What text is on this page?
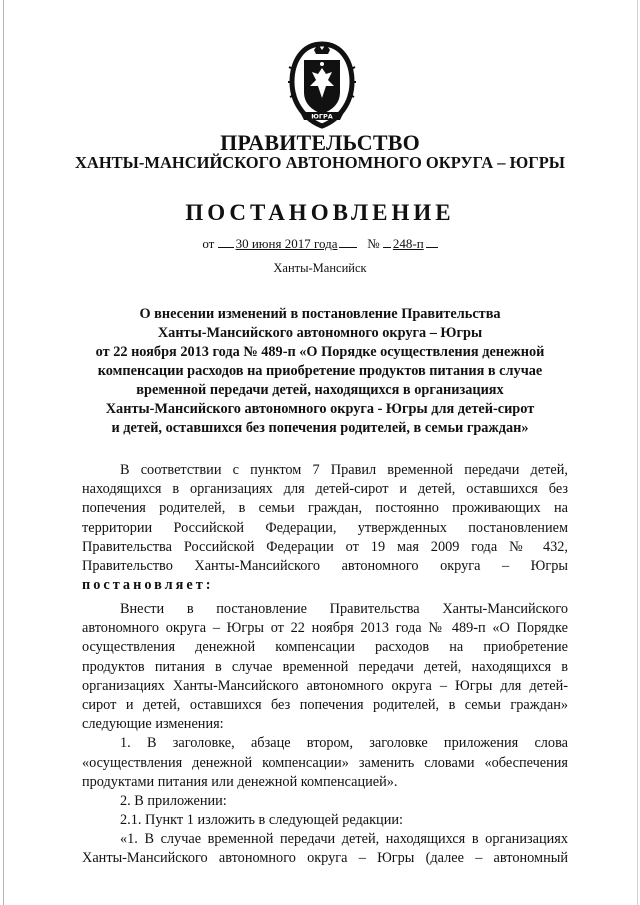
ЮГРА
ПРАВИТЕЛЬСТВО
ХАНТЫ-МАНСИЙСКОГО АВТОНОМНОГО ОКРУГА – ЮГРЫ
ПОСТАНОВЛЕНИЕ
от 30 июня 2017 года № 248-п
Ханты-Мансийск
О внесении изменений в постановление Правительства
Ханты-Мансийского автономного округа – Югры
от 22 ноября 2013 года № 489-п «О Порядке осуществления денежной
компенсации расходов на приобретение продуктов питания в случае
временной передачи детей, находящихся в организациях
Ханты-Мансийского автономного округа - Югры для детей-сирот
и детей, оставшихся без попечения родителей, в семьи граждан»
В соответствии с пунктом 7 Правил временной передачи детей,
находящихся в организациях для детей-сирот и детей, оставшихся без
попечения родителей, в семьи граждан, постоянно проживающих на
территории Российской Федерации, утвержденных постановлением
Правительства Российской Федерации от 19 мая 2009 года № 432,
Правительство Ханты-Мансийского автономного округа – Югры
постановляет:
Внести в постановление Правительства Ханты-Мансийского
автономного округа – Югры от 22 ноября 2013 года № 489-п «О Порядке
осуществления денежной компенсации расходов на приобретение
продуктов питания в случае временной передачи детей, находящихся в
организациях Ханты-Мансийского автономного округа – Югры для детей-
сирот и детей, оставшихся без попечения родителей, в семьи граждан»
следующие изменения:
1. В заголовке, абзаце втором, заголовке приложения слова
«осуществления денежной компенсации» заменить словами «обеспечения
продуктами питания или денежной компенсацией».
2. В приложении:
2.1. Пункт 1 изложить в следующей редакции:
«1. В случае временной передачи детей, находящихся в организациях
Ханты-Мансийского автономного округа – Югры (далее – автономный
